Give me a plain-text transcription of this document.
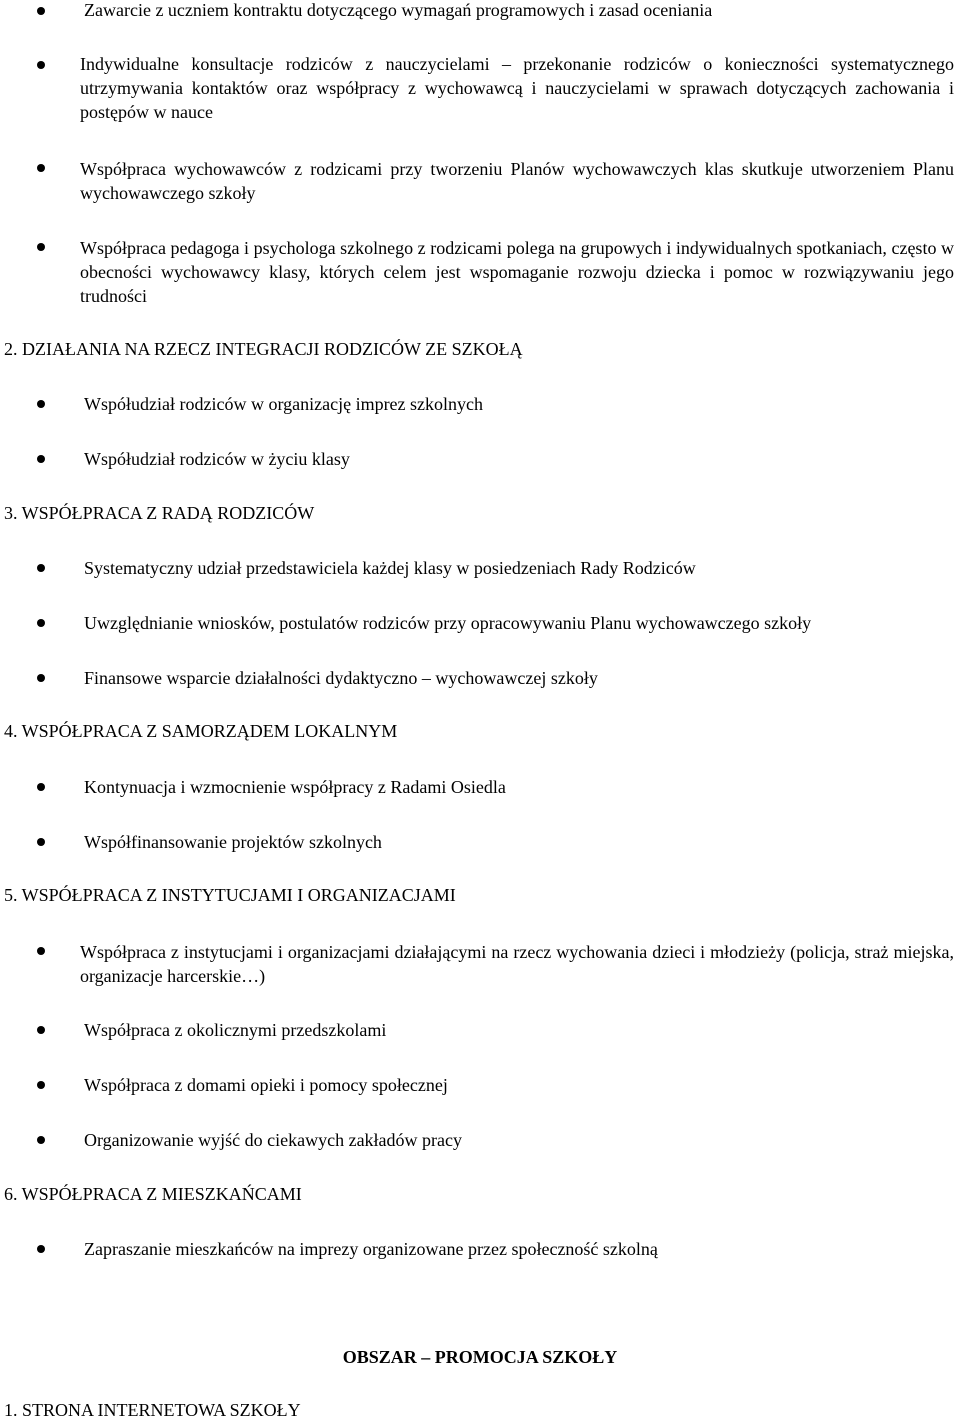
Zawarcie z uczniem kontraktu dotyczącego wymagań programowych i zasad oceniania

Indywidualne konsultacje rodziców z nauczycielami – przekonanie rodziców o konieczności systematycznego utrzymywania kontaktów oraz współpracy z wychowawcą i nauczycielami w sprawach dotyczących zachowania i postępów w nauce

Współpraca wychowawców z rodzicami przy tworzeniu Planów wychowawczych klas skutkuje utworzeniem Planu wychowawczego szkoły

Współpraca pedagoga i psychologa szkolnego z rodzicami polega na grupowych i indywidualnych spotkaniach, często w obecności wychowawcy klasy, których celem jest wspomaganie rozwoju dziecka i pomoc w rozwiązywaniu jego trudności

2. DZIAŁANIA NA RZECZ INTEGRACJI RODZICÓW ZE SZKOŁĄ

Współudział rodziców w organizację imprez szkolnych

Współudział rodziców w życiu klasy

3. WSPÓŁPRACA Z RADĄ RODZICÓW

Systematyczny udział przedstawiciela każdej klasy w posiedzeniach Rady Rodziców

Uwzględnianie wniosków, postulatów rodziców przy opracowywaniu Planu wychowawczego szkoły

Finansowe wsparcie działalności dydaktyczno – wychowawczej szkoły

4. WSPÓŁPRACA Z SAMORZĄDEM LOKALNYM

Kontynuacja i wzmocnienie współpracy z Radami Osiedla

Współfinansowanie projektów szkolnych

5. WSPÓŁPRACA Z INSTYTUCJAMI I ORGANIZACJAMI

Współpraca z instytucjami i organizacjami działającymi na rzecz wychowania dzieci i młodzieży (policja, straż miejska, organizacje harcerskie…)

Współpraca z okolicznymi przedszkolami

Współpraca z domami opieki i pomocy społecznej

Organizowanie wyjść do ciekawych zakładów pracy

6. WSPÓŁPRACA Z MIESZKAŃCAMI

Zapraszanie mieszkańców na imprezy organizowane przez społeczność szkolną

OBSZAR – PROMOCJA SZKOŁY

1. STRONA INTERNETOWA SZKOŁY
